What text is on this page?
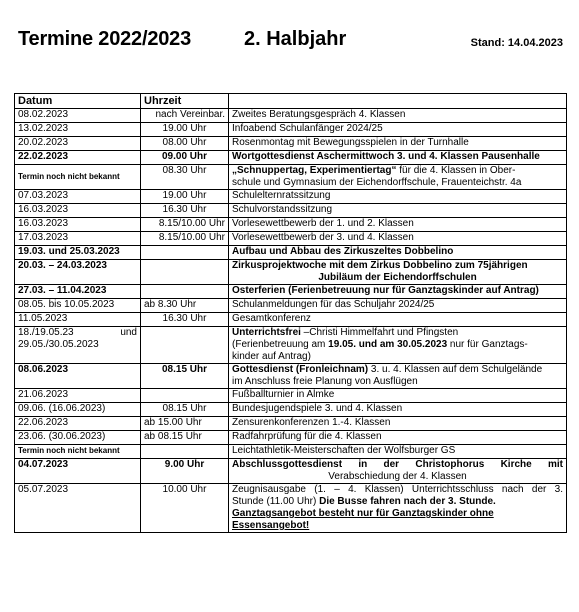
Termine 2022/2023	2. Halbjahr	Stand: 14.04.2023
Datum	Uhrzeit	
08.02.2023	nach Vereinbar.	Zweites Beratungsgespräch 4. Klassen
13.02.2023	19.00 Uhr	Infoabend Schulanfänger 2024/25
20.02.2023	08.00 Uhr	Rosenmontag mit Bewegungsspielen in der Turnhalle
22.02.2023	09.00 Uhr	Wortgottesdienst Aschermittwoch 3. und 4. Klassen Pausenhalle
Termin noch nicht bekannt	08.30 Uhr	„Schnuppertag, Experimentiertag“ für die 4. Klassen in Ober-
schule und Gymnasium der Eichendorffschule, Frauenteichstr. 4a
07.03.2023	19.00 Uhr	Schulelternratssitzung
16.03.2023	16.30 Uhr	Schulvorstandssitzung
16.03.2023	8.15/10.00 Uhr	Vorlesewettbewerb der 1. und 2. Klassen
17.03.2023	8.15/10.00 Uhr	Vorlesewettbewerb der 3. und 4. Klassen
19.03. und 25.03.2023		Aufbau und Abbau des Zirkuszeltes Dobbelino
20.03. – 24.03.2023		Zirkusprojektwoche mit dem Zirkus Dobbelino zum 75jährigen

Jubiläum der Eichendorffschulen

27.03. – 11.04.2023		Osterferien (Ferienbetreuung nur für Ganztagskinder auf Antrag)
08.05. bis 10.05.2023	ab 8.30 Uhr	Schulanmeldungen für das Schuljahr 2024/25
11.05.2023	16.30 Uhr	Gesamtkonferenz

18./19.05.23 und
29.05./30.05.2023		Unterrichtsfrei –Christi Himmelfahrt und Pfingsten
(Ferienbetreuung am 19.05. und am 30.05.2023 nur für Ganztags-
kinder auf Antrag)
08.06.2023	08.15 Uhr	Gottesdienst (Fronleichnam) 3. u. 4. Klassen auf dem Schulgelände
im Anschluss freie Planung von Ausflügen
21.06.2023		Fußballturnier in Almke
09.06. (16.06.2023)	08.15 Uhr	Bundesjugendspiele 3. und 4. Klassen
22.06.2023	ab 15.00 Uhr	Zensurenkonferenzen 1.-4. Klassen
23.06. (30.06.2023)	ab 08.15 Uhr	Radfahrprüfung für die 4. Klassen
Termin noch nicht bekannt		Leichtathletik-Meisterschaften der Wolfsburger GS
04.07.2023	9.00 Uhr	Abschlussgottesdienst in der Christophorus Kirche mit
Verabschiedung der 4. Klassen

05.07.2023	10.00 Uhr	Zeugnisausgabe (1. – 4. Klassen) Unterrichtsschluss nach der 3.
Stunde (11.00 Uhr) Die Busse fahren nach der 3. Stunde.
Ganztagsangebot besteht nur für Ganztagskinder ohne
Essensangebot!
